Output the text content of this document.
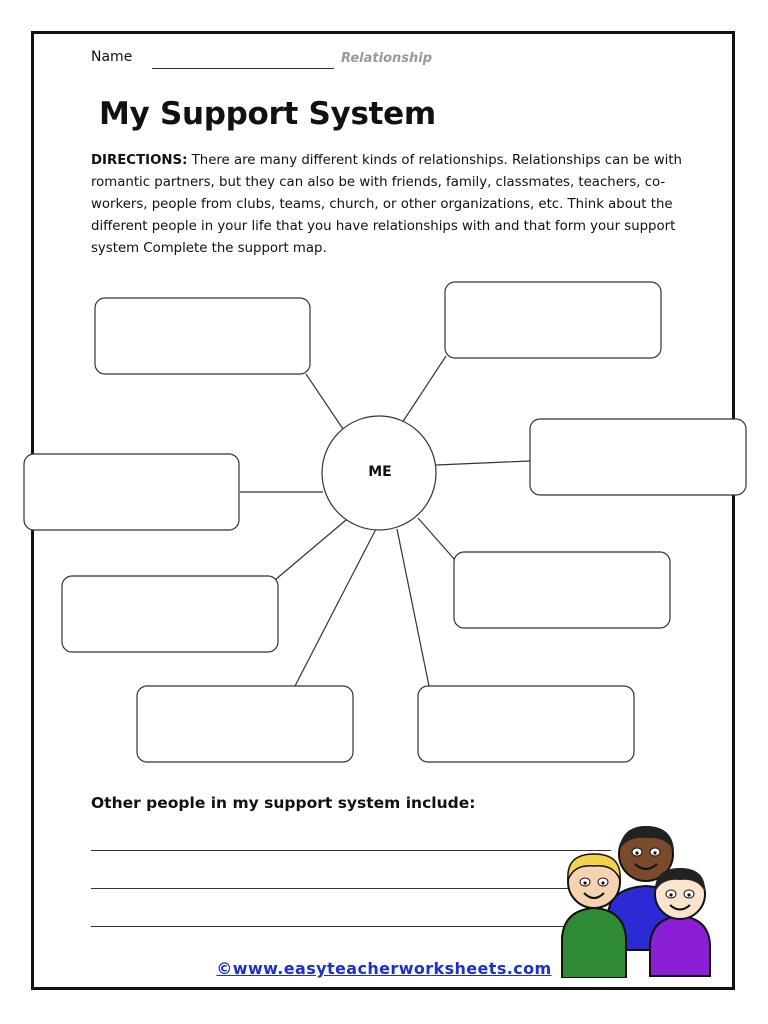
Name	Relationship
My Support System
DIRECTIONS: There are many different kinds of relationships. Relationships can be with romantic partners, but they can also be with friends, family, classmates, teachers, co-workers, people from clubs, teams, church, or other organizations, etc. Think about the different people in your life that you have relationships with and that form your support system Complete the support map.
ME
Other people in my support system include:
©www.easyteacherworksheets.com
